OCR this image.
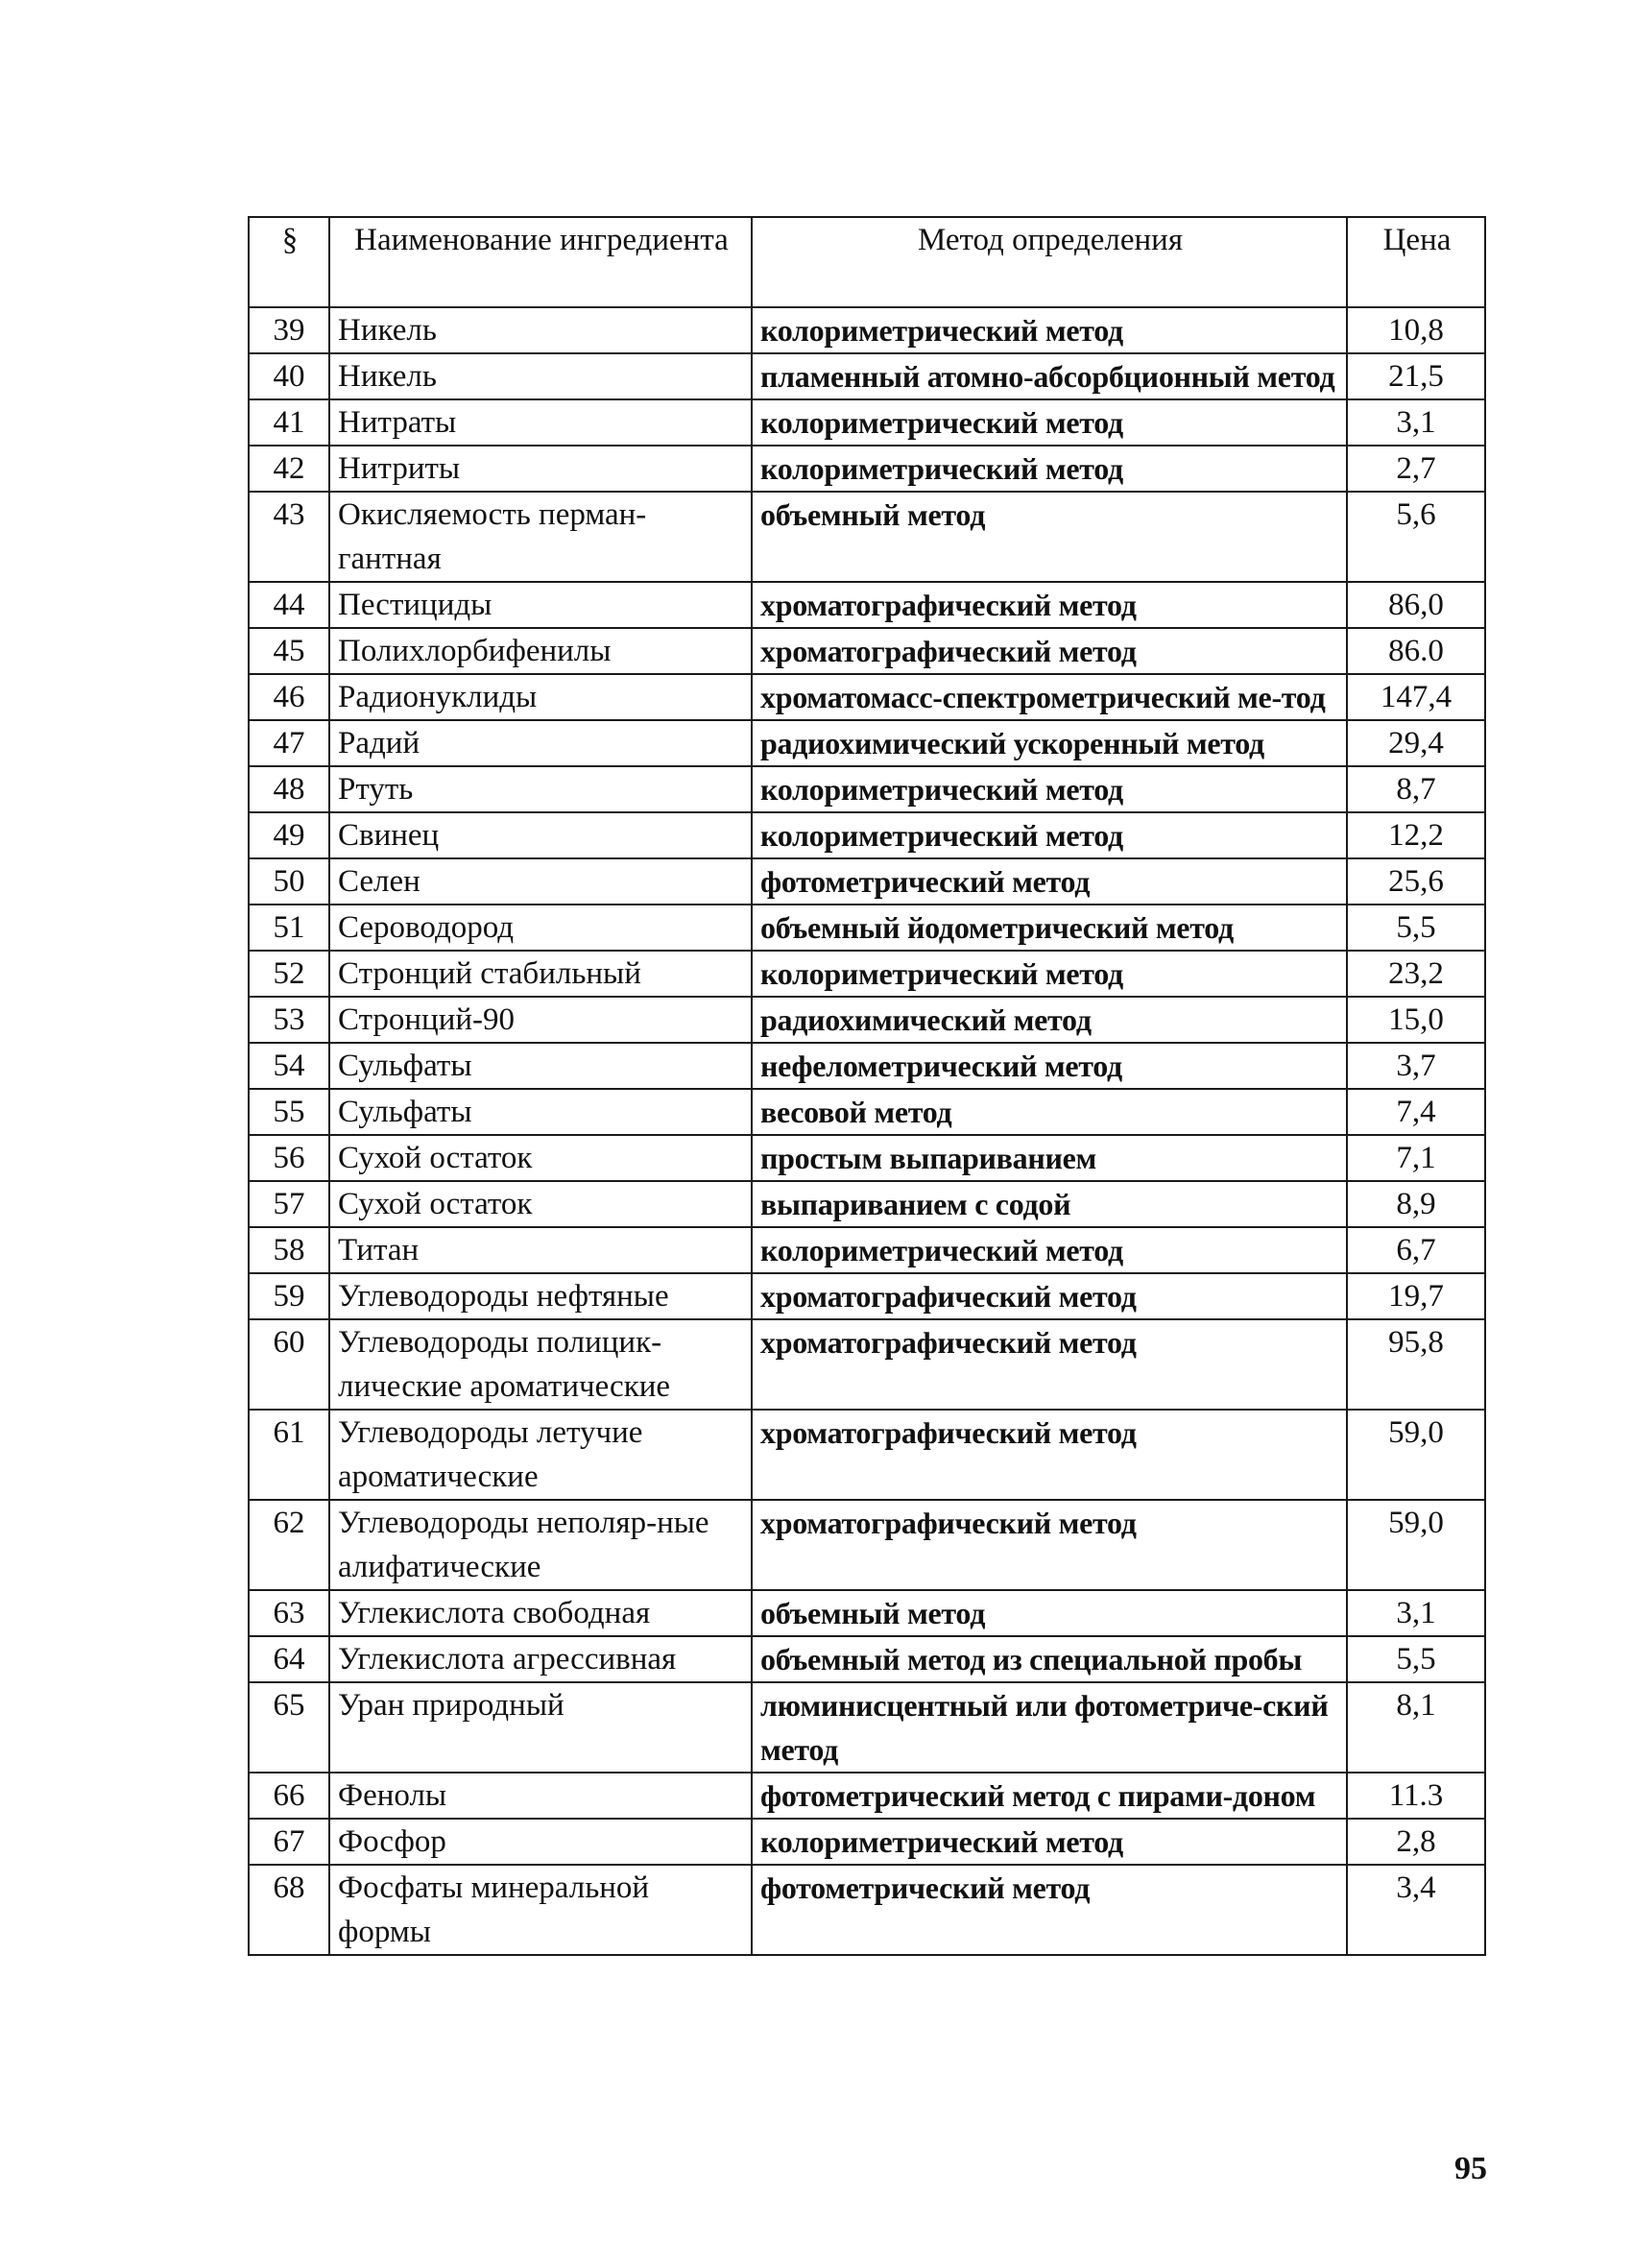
§	Наименование ингредиента	Метод определения	Цена
39	Никель	колориметрический метод	10,8
40	Никель	пламенный атомно-абсорбционный метод	21,5
41	Нитраты	колориметрический метод	3,1
42	Нитриты	колориметрический метод	2,7
43	Окисляемость перман-гантная	объемный метод	5,6
44	Пестициды	хроматографический метод	86,0
45	Полихлорбифенилы	хроматографический метод	86.0
46	Радионуклиды	хроматомасс-спектрометрический ме-тод	147,4
47	Радий	радиохимический ускоренный метод	29,4
48	Ртуть	колориметрический метод	8,7
49	Свинец	колориметрический метод	12,2
50	Селен	фотометрический метод	25,6
51	Сероводород	объемный йодометрический метод	5,5
52	Стронций стабильный	колориметрический метод	23,2
53	Стронций-90	радиохимический метод	15,0
54	Сульфаты	нефелометрический метод	3,7
55	Сульфаты	весовой метод	7,4
56	Сухой остаток	простым выпариванием	7,1
57	Сухой остаток	выпариванием с содой	8,9
58	Титан	колориметрический метод	6,7
59	Углеводороды нефтяные	хроматографический метод	19,7
60	Углеводороды полицик-лические ароматические	хроматографический метод	95,8
61	Углеводороды летучие ароматические	хроматографический метод	59,0
62	Углеводороды неполяр-ные алифатические	хроматографический метод	59,0
63	Углекислота свободная	объемный метод	3,1
64	Углекислота агрессивная	объемный метод из специальной пробы	5,5
65	Уран природный	люминисцентный или фотометриче-ский метод	8,1
66	Фенолы	фотометрический метод с пирами-доном	11.3
67	Фосфор	колориметрический метод	2,8
68	Фосфаты минеральной формы	фотометрический метод	3,4
95
